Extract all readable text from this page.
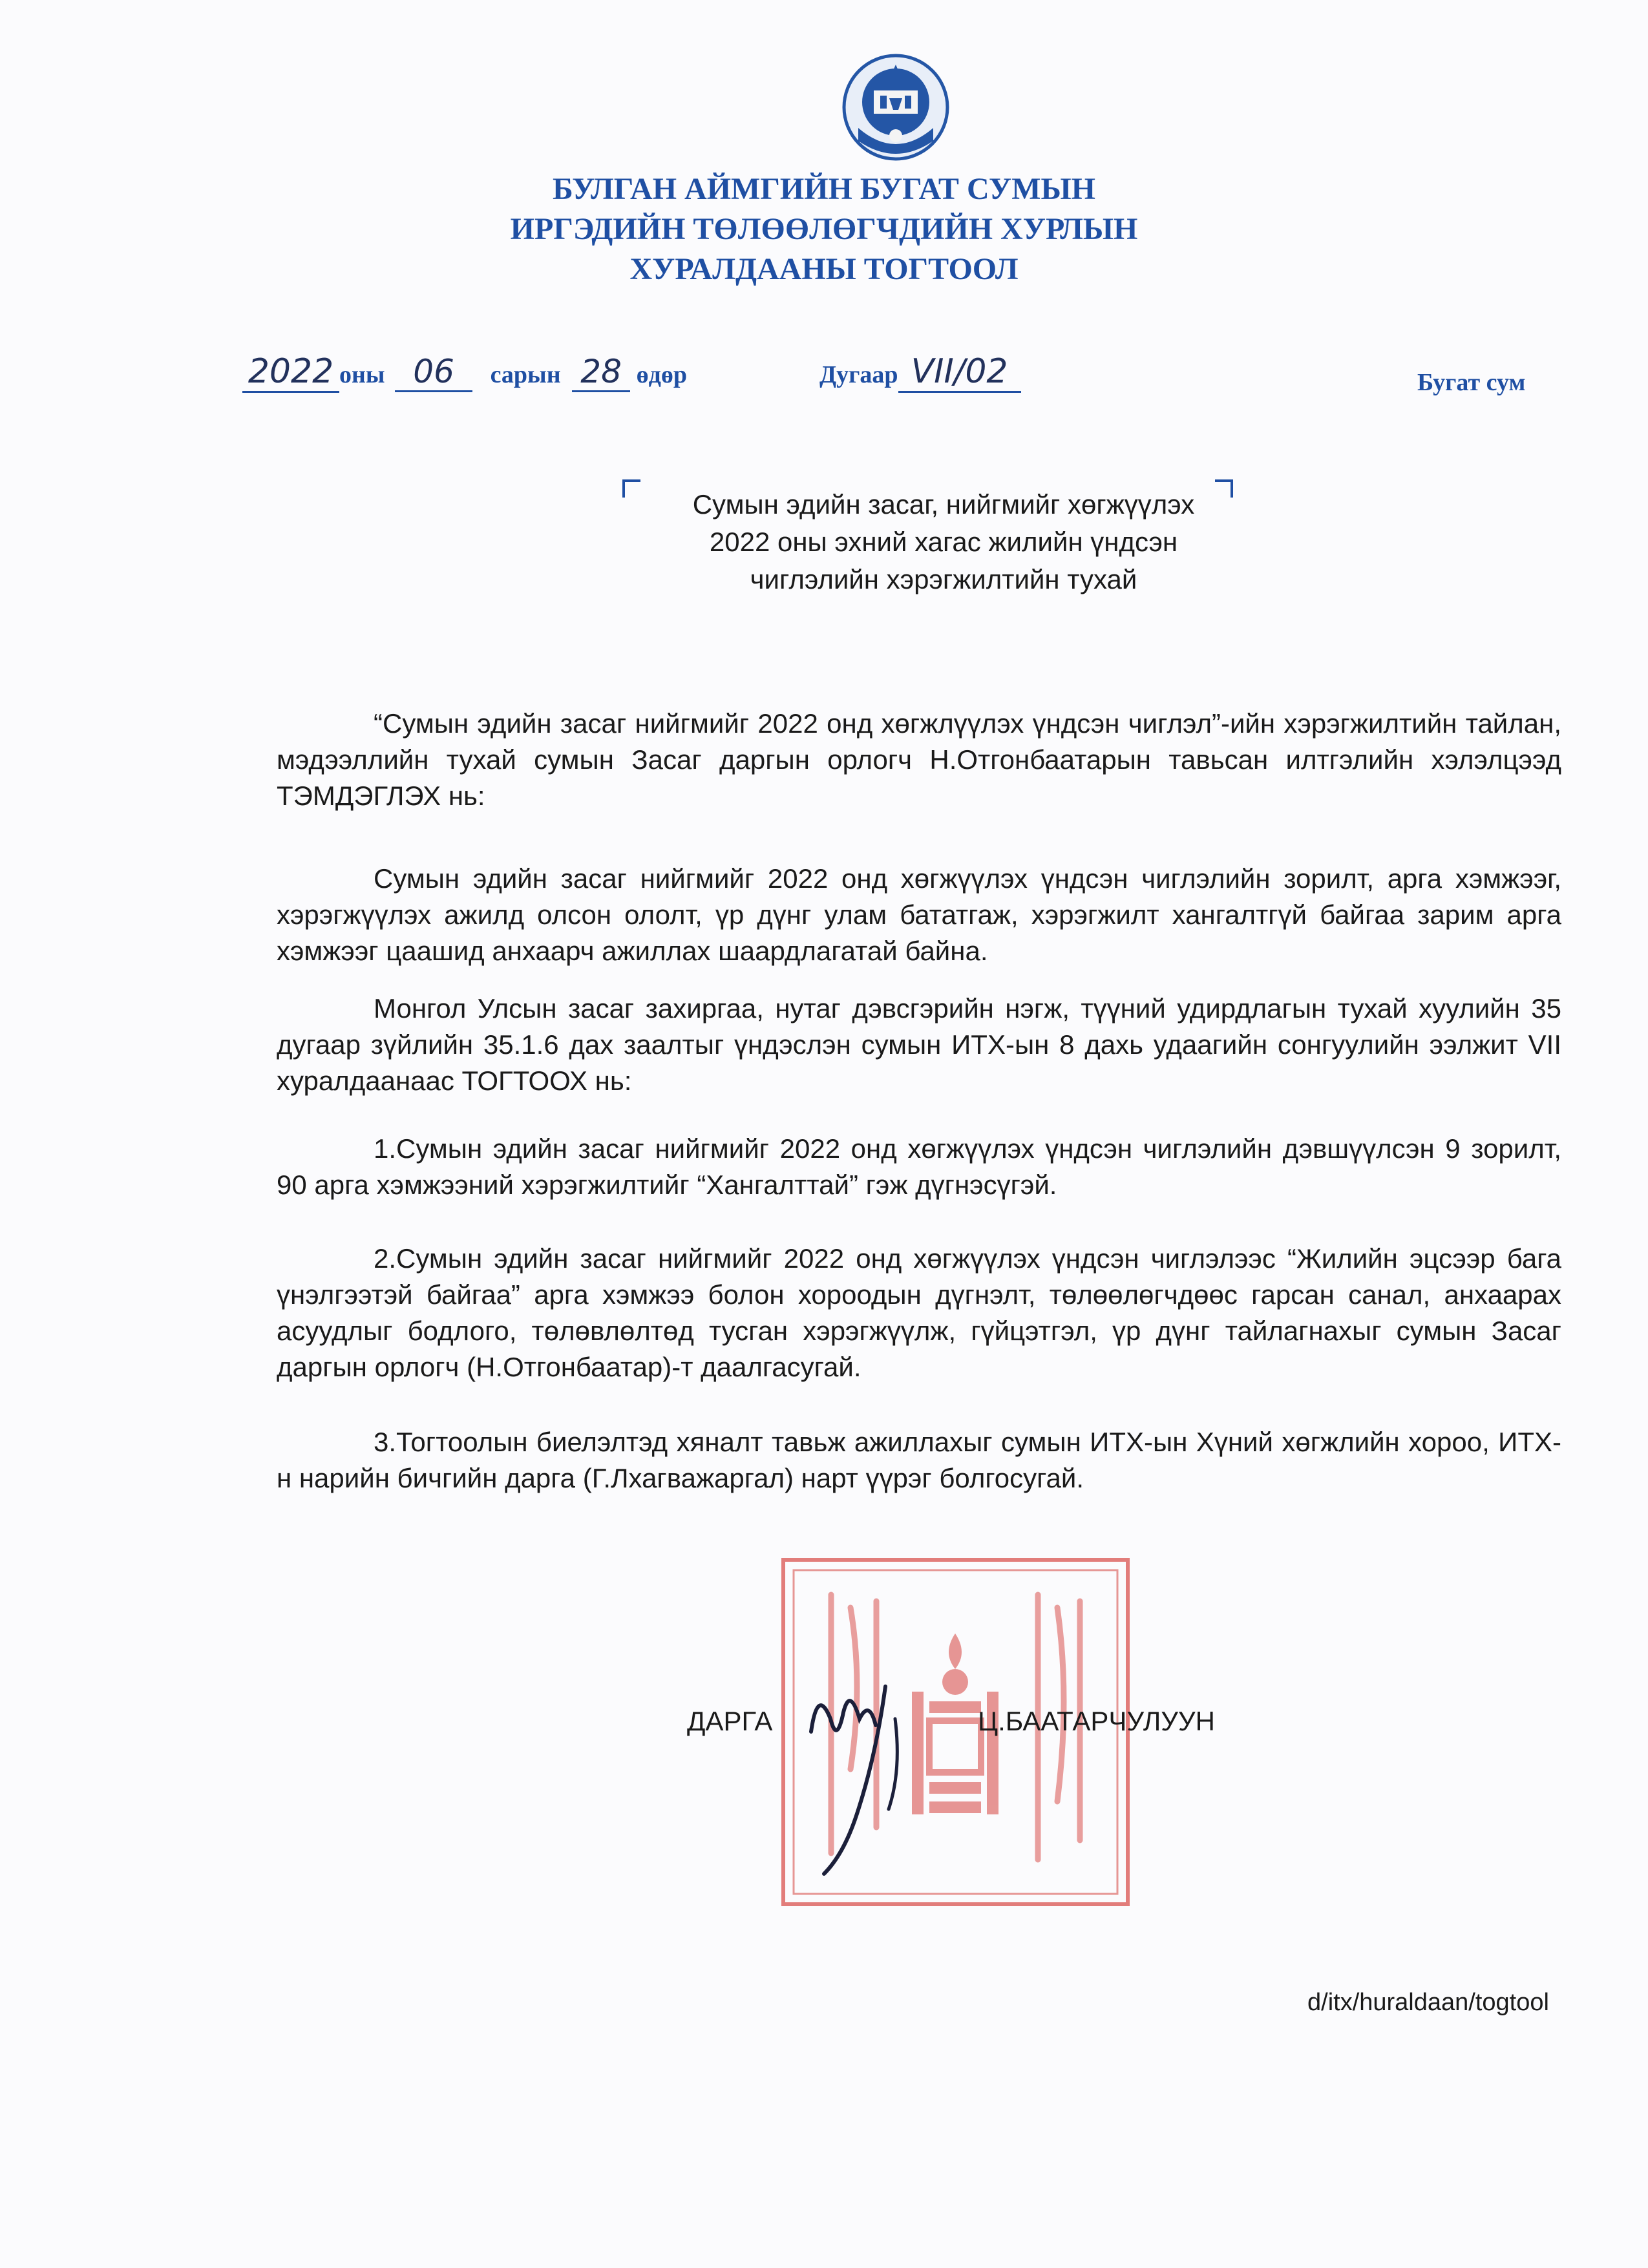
БУЛГАН АЙМГИЙН БУГАТ СУМЫН
ИРГЭДИЙН ТӨЛӨӨЛӨГЧДИЙН ХУРЛЫН
ХУРАЛДААНЫ ТОГТООЛ
2022 оны 06 сарын 28 өдөр	Дугаар VII/02	Бугат сум
Сумын эдийн засаг, нийгмийг хөгжүүлэх
2022 оны эхний хагас жилийн үндсэн
чиглэлийн хэрэгжилтийн тухай

“Сумын эдийн засаг нийгмийг 2022 онд хөгжлүүлэх үндсэн чиглэл”-ийн хэрэгжилтийн тайлан, мэдээллийн тухай сумын Засаг даргын орлогч Н.Отгонбаатарын тавьсан илтгэлийн хэлэлцээд ТЭМДЭГЛЭХ нь:

Сумын эдийн засаг нийгмийг 2022 онд хөгжүүлэх үндсэн чиглэлийн зорилт, арга хэмжээг, хэрэгжүүлэх ажилд олсон ололт, үр дүнг улам бататгаж, хэрэгжилт хангалтгүй байгаа зарим арга хэмжээг цаашид анхаарч ажиллах шаардлагатай байна.

Монгол Улсын засаг захиргаа, нутаг дэвсгэрийн нэгж, түүний удирдлагын тухай хуулийн 35 дугаар зүйлийн 35.1.6 дах заалтыг үндэслэн сумын ИТХ-ын 8 дахь удаагийн сонгуулийн ээлжит VII хуралдаанаас ТОГТООХ нь:

1.Сумын эдийн засаг нийгмийг 2022 онд хөгжүүлэх үндсэн чиглэлийн дэвшүүлсэн 9 зорилт, 90 арга хэмжээний хэрэгжилтийг “Хангалттай” гэж дүгнэсүгэй.

2.Сумын эдийн засаг нийгмийг 2022 онд хөгжүүлэх үндсэн чиглэлээс “Жилийн эцсээр бага үнэлгээтэй байгаа” арга хэмжээ болон хороодын дүгнэлт, төлөөлөгчдөөс гарсан санал, анхаарах асуудлыг бодлого, төлөвлөлтөд тусган хэрэгжүүлж, гүйцэтгэл, үр дүнг тайлагнахыг сумын Засаг даргын орлогч (Н.Отгонбаатар)-т даалгасугай.

3.Тогтоолын биелэлтэд хяналт тавьж ажиллахыг сумын ИТХ-ын Хүний хөгжлийн хороо, ИТХ-н нарийн бичгийн дарга (Г.Лхагважаргал) нарт үүрэг болгосугай.

ДАРГА	Ц.БААТАРЧУЛУУН
d/itx/huraldaan/togtool
